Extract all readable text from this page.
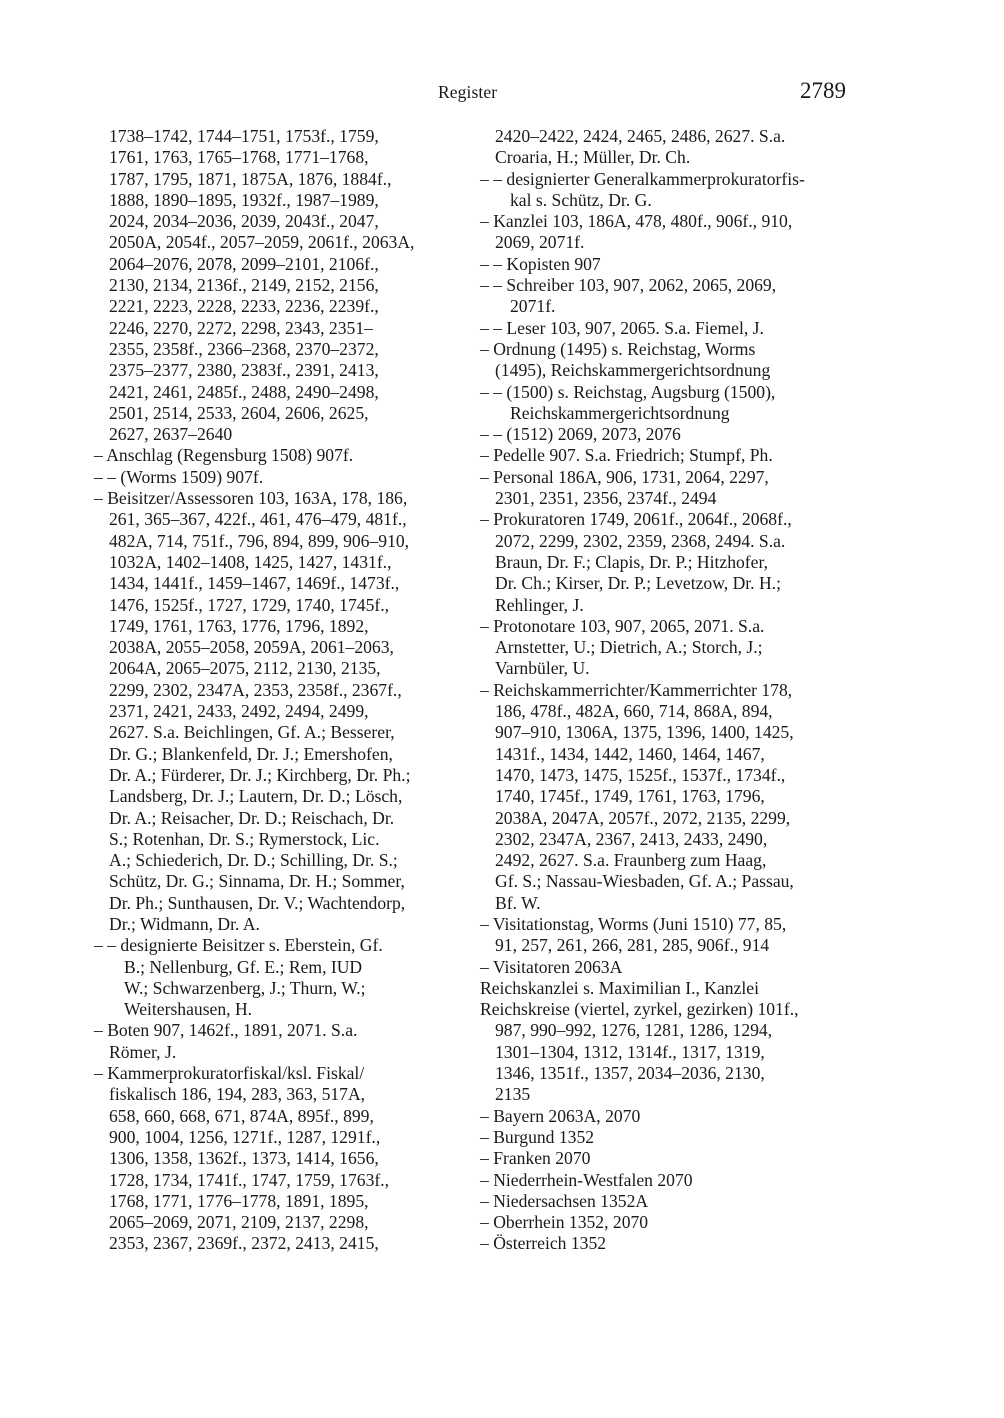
Register	2789
1738–1742, 1744–1751, 1753f., 1759,
1761, 1763, 1765–1768, 1771–1768,
1787, 1795, 1871, 1875A, 1876, 1884f.,
1888, 1890–1895, 1932f., 1987–1989,
2024, 2034–2036, 2039, 2043f., 2047,
2050A, 2054f., 2057–2059, 2061f., 2063A,
2064–2076, 2078, 2099–2101, 2106f.,
2130, 2134, 2136f., 2149, 2152, 2156,
2221, 2223, 2228, 2233, 2236, 2239f.,
2246, 2270, 2272, 2298, 2343, 2351–
2355, 2358f., 2366–2368, 2370–2372,
2375–2377, 2380, 2383f., 2391, 2413,
2421, 2461, 2485f., 2488, 2490–2498,
2501, 2514, 2533, 2604, 2606, 2625,
2627, 2637–2640
– Anschlag (Regensburg 1508) 907f.
– – (Worms 1509) 907f.
– Beisitzer/Assessoren 103, 163A, 178, 186,
261, 365–367, 422f., 461, 476–479, 481f.,
482A, 714, 751f., 796, 894, 899, 906–910,
1032A, 1402–1408, 1425, 1427, 1431f.,
1434, 1441f., 1459–1467, 1469f., 1473f.,
1476, 1525f., 1727, 1729, 1740, 1745f.,
1749, 1761, 1763, 1776, 1796, 1892,
2038A, 2055–2058, 2059A, 2061–2063,
2064A, 2065–2075, 2112, 2130, 2135,
2299, 2302, 2347A, 2353, 2358f., 2367f.,
2371, 2421, 2433, 2492, 2494, 2499,
2627. S.a. Beichlingen, Gf. A.; Besserer,
Dr. G.; Blankenfeld, Dr. J.; Emershofen,
Dr. A.; Fürderer, Dr. J.; Kirchberg, Dr. Ph.;
Landsberg, Dr. J.; Lautern, Dr. D.; Lösch,
Dr. A.; Reisacher, Dr. D.; Reischach, Dr.
S.; Rotenhan, Dr. S.; Rymerstock, Lic.
A.; Schiederich, Dr. D.; Schilling, Dr. S.;
Schütz, Dr. G.; Sinnama, Dr. H.; Sommer,
Dr. Ph.; Sunthausen, Dr. V.; Wachtendorp,
Dr.; Widmann, Dr. A.
– – designierte Beisitzer s. Eberstein, Gf.
B.; Nellenburg, Gf. E.; Rem, IUD
W.; Schwarzenberg, J.; Thurn, W.;
Weitershausen, H.
– Boten 907, 1462f., 1891, 2071. S.a.
Römer, J.
– Kammerprokuratorfiskal/ksl. Fiskal/
fiskalisch 186, 194, 283, 363, 517A,
658, 660, 668, 671, 874A, 895f., 899,
900, 1004, 1256, 1271f., 1287, 1291f.,
1306, 1358, 1362f., 1373, 1414, 1656,
1728, 1734, 1741f., 1747, 1759, 1763f.,
1768, 1771, 1776–1778, 1891, 1895,
2065–2069, 2071, 2109, 2137, 2298,
2353, 2367, 2369f., 2372, 2413, 2415,
2420–2422, 2424, 2465, 2486, 2627. S.a.
Croaria, H.; Müller, Dr. Ch.
– – designierter Generalkammerprokuratorfis-
kal s. Schütz, Dr. G.
– Kanzlei 103, 186A, 478, 480f., 906f., 910,
2069, 2071f.
– – Kopisten 907
– – Schreiber 103, 907, 2062, 2065, 2069,
2071f.
– – Leser 103, 907, 2065. S.a. Fiemel, J.
– Ordnung (1495) s. Reichstag, Worms
(1495), Reichskammergerichtsordnung
– – (1500) s. Reichstag, Augsburg (1500),
Reichskammergerichtsordnung
– – (1512) 2069, 2073, 2076
– Pedelle 907. S.a. Friedrich; Stumpf, Ph.
– Personal 186A, 906, 1731, 2064, 2297,
2301, 2351, 2356, 2374f., 2494
– Prokuratoren 1749, 2061f., 2064f., 2068f.,
2072, 2299, 2302, 2359, 2368, 2494. S.a.
Braun, Dr. F.; Clapis, Dr. P.; Hitzhofer,
Dr. Ch.; Kirser, Dr. P.; Levetzow, Dr. H.;
Rehlinger, J.
– Protonotare 103, 907, 2065, 2071. S.a.
Arnstetter, U.; Dietrich, A.; Storch, J.;
Varnbüler, U.
– Reichskammerrichter/Kammerrichter 178,
186, 478f., 482A, 660, 714, 868A, 894,
907–910, 1306A, 1375, 1396, 1400, 1425,
1431f., 1434, 1442, 1460, 1464, 1467,
1470, 1473, 1475, 1525f., 1537f., 1734f.,
1740, 1745f., 1749, 1761, 1763, 1796,
2038A, 2047A, 2057f., 2072, 2135, 2299,
2302, 2347A, 2367, 2413, 2433, 2490,
2492, 2627. S.a. Fraunberg zum Haag,
Gf. S.; Nassau-Wiesbaden, Gf. A.; Passau,
Bf. W.
– Visitationstag, Worms (Juni 1510) 77, 85,
91, 257, 261, 266, 281, 285, 906f., 914
– Visitatoren 2063A
Reichskanzlei s. Maximilian I., Kanzlei
Reichskreise (viertel, zyrkel, gezirken) 101f.,
987, 990–992, 1276, 1281, 1286, 1294,
1301–1304, 1312, 1314f., 1317, 1319,
1346, 1351f., 1357, 2034–2036, 2130,
2135
– Bayern 2063A, 2070
– Burgund 1352
– Franken 2070
– Niederrhein-Westfalen 2070
– Niedersachsen 1352A
– Oberrhein 1352, 2070
– Österreich 1352
